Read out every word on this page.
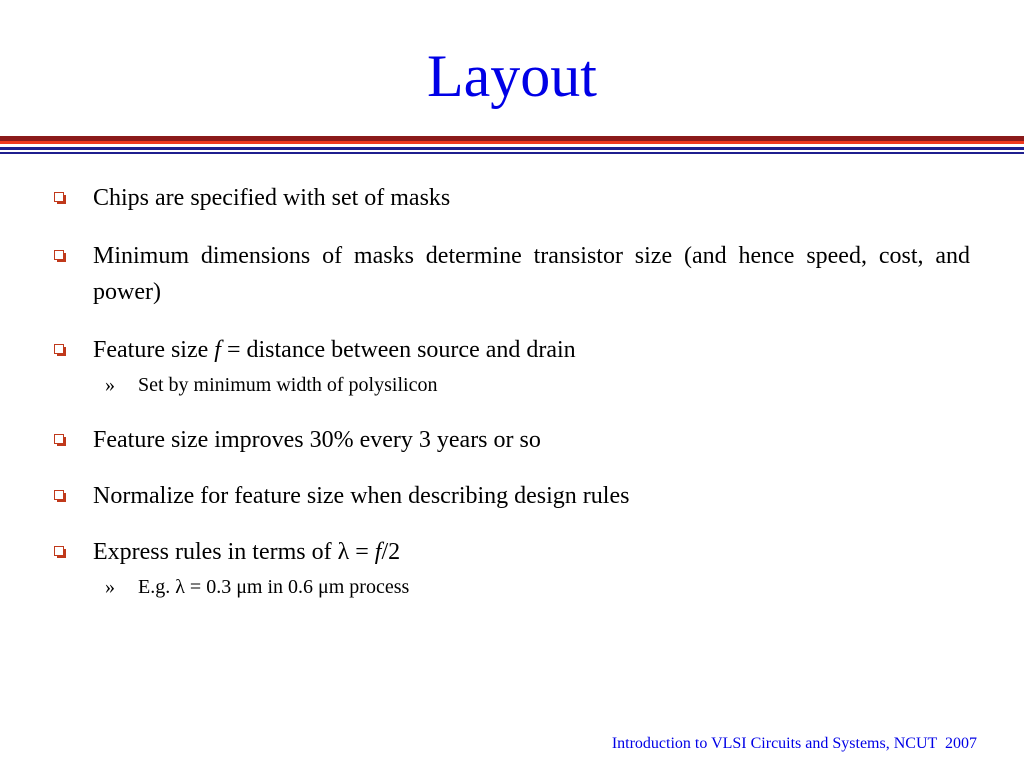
Layout
Chips are specified with set of masks
Minimum dimensions of masks determine transistor size (and hence speed, cost, and power)
Feature size f = distance between source and drain
» Set by minimum width of polysilicon
Feature size improves 30% every 3 years or so
Normalize for feature size when describing design rules
Express rules in terms of λ = f/2
» E.g. λ = 0.3 μm in 0.6 μm process
Introduction to VLSI Circuits and Systems, NCUT  2007
